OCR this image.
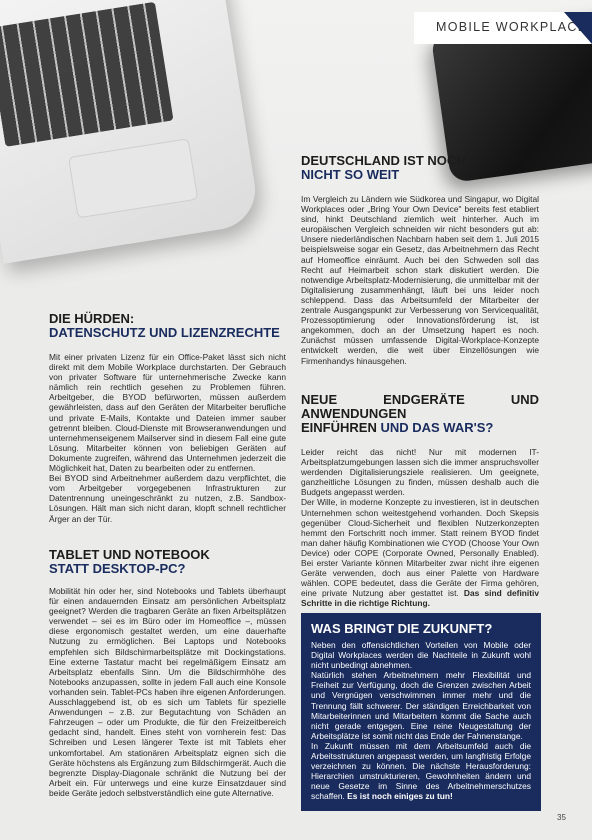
MOBILE WORKPLACE
DEUTSCHLAND IST NOCH
NICHT SO WEIT

Im Vergleich zu Ländern wie Südkorea und Singapur, wo Digital Workplaces oder „Bring Your Own Device" bereits fest etabliert sind, hinkt Deutschland ziemlich weit hinterher. Auch im europäischen Vergleich schneiden wir nicht besonders gut ab: Unsere niederländischen Nachbarn haben seit dem 1. Juli 2015 beispielsweise sogar ein Gesetz, das Arbeitnehmern das Recht auf Homeoffice einräumt. Auch bei den Schweden soll das Recht auf Heimarbeit schon stark diskutiert werden. Die notwendige Arbeitsplatz-Modernisierung, die unmittelbar mit der Digitalisierung zusammenhängt, läuft bei uns leider noch schleppend. Dass das Arbeitsumfeld der Mitarbeiter der zentrale Ausgangspunkt zur Verbesserung von Servicequalität, Prozessoptimierung oder Innovationsförderung ist, ist angekommen, doch an der Umsetzung hapert es noch. Zunächst müssen umfassende Digital-Workplace-Konzepte entwickelt werden, die weit über Einzellösungen wie Firmenhandys hinausgehen.

DIE HÜRDEN:
DATENSCHUTZ UND LIZENZRECHTE

Mit einer privaten Lizenz für ein Office-Paket lässt sich nicht direkt mit dem Mobile Workplace durchstarten. Der Gebrauch von privater Software für unternehmerische Zwecke kann nämlich rein rechtlich gesehen zu Problemen führen. Arbeitgeber, die BYOD befürworten, müssen außerdem gewährleisten, dass auf den Geräten der Mitarbeiter berufliche und private E-Mails, Kontakte und Dateien immer sauber getrennt bleiben. Cloud-Dienste mit Browseranwendungen und unternehmenseigenem Mailserver sind in diesem Fall eine gute Lösung. Mitarbeiter können von beliebigen Geräten auf Dokumente zugreifen, während das Unternehmen jederzeit die Möglichkeit hat, Daten zu bearbeiten oder zu entfernen.

Bei BYOD sind Arbeitnehmer außerdem dazu verpflichtet, die vom Arbeitgeber vorgegebenen Infrastrukturen zur Datentrennung uneingeschränkt zu nutzen, z.B. Sandbox-Lösungen. Hält man sich nicht daran, klopft schnell rechtlicher Ärger an der Tür.

TABLET UND NOTEBOOK
STATT DESKTOP-PC?

Mobilität hin oder her, sind Notebooks und Tablets überhaupt für einen andauernden Einsatz am persönlichen Arbeitsplatz geeignet? Werden die tragbaren Geräte an fixen Arbeitsplätzen verwendet – sei es im Büro oder im Homeoffice –, müssen diese ergonomisch gestaltet werden, um eine dauerhafte Nutzung zu ermöglichen. Bei Laptops und Notebooks empfehlen sich Bildschirmarbeitsplätze mit Dockingstations. Eine externe Tastatur macht bei regelmäßigem Einsatz am Arbeitsplatz ebenfalls Sinn. Um die Bildschirmhöhe des Notebooks anzupassen, sollte in jedem Fall auch eine Konsole vorhanden sein. Tablet-PCs haben ihre eigenen Anforderungen. Ausschlaggebend ist, ob es sich um Tablets für spezielle Anwendungen – z.B. zur Begutachtung von Schäden an Fahrzeugen – oder um Produkte, die für den Freizeitbereich gedacht sind, handelt. Eines steht von vornherein fest: Das Schreiben und Lesen längerer Texte ist mit Tablets eher unkomfortabel. Am stationären Arbeitsplatz eignen sich die Geräte höchstens als Ergänzung zum Bildschirmgerät. Auch die begrenzte Display-Diagonale schränkt die Nutzung bei der Arbeit ein. Für unterwegs und eine kurze Einsatzdauer sind beide Geräte jedoch selbstverständlich eine gute Alternative.

NEUE ENDGERÄTE UND ANWENDUNGEN
EINFÜHREN UND DAS WAR'S?

Leider reicht das nicht! Nur mit modernen IT-Arbeitsplatzumgebungen lassen sich die immer anspruchsvoller werdenden Digitalisierungsziele realisieren. Um geeignete, ganzheitliche Lösungen zu finden, müssen deshalb auch die Budgets angepasst werden.

Der Wille, in moderne Konzepte zu investieren, ist in deutschen Unternehmen schon weitestgehend vorhanden. Doch Skepsis gegenüber Cloud-Sicherheit und flexiblen Nutzerkonzepten hemmt den Fortschritt noch immer. Statt reinem BYOD findet man daher häufig Kombinationen wie CYOD (Choose Your Own Device) oder COPE (Corporate Owned, Personally Enabled). Bei erster Variante können Mitarbeiter zwar nicht ihre eigenen Geräte verwenden, doch aus einer Palette von Hardware wählen. COPE bedeutet, dass die Geräte der Firma gehören, eine private Nutzung aber gestattet ist. Das sind definitiv Schritte in die richtige Richtung.

WAS BRINGT DIE ZUKUNFT?

Neben den offensichtlichen Vorteilen von Mobile oder Digital Workplaces werden die Nachteile in Zukunft wohl nicht unbedingt abnehmen.

Natürlich stehen Arbeitnehmern mehr Flexibilität und Freiheit zur Verfügung, doch die Grenzen zwischen Arbeit und Vergnügen verschwimmen immer mehr und die Trennung fällt schwerer. Der ständigen Erreichbarkeit von Mitarbeiterinnen und Mitarbeitern kommt die Sache auch nicht gerade entgegen. Eine reine Neugestaltung der Arbeitsplätze ist somit nicht das Ende der Fahnenstange.

In Zukunft müssen mit dem Arbeitsumfeld auch die Arbeitsstrukturen angepasst werden, um langfristig Erfolge verzeichnen zu können. Die nächste Herausforderung: Hierarchien umstrukturieren, Gewohnheiten ändern und neue Gesetze im Sinne des Arbeitnehmerschutzes schaffen. Es ist noch einiges zu tun!

35
